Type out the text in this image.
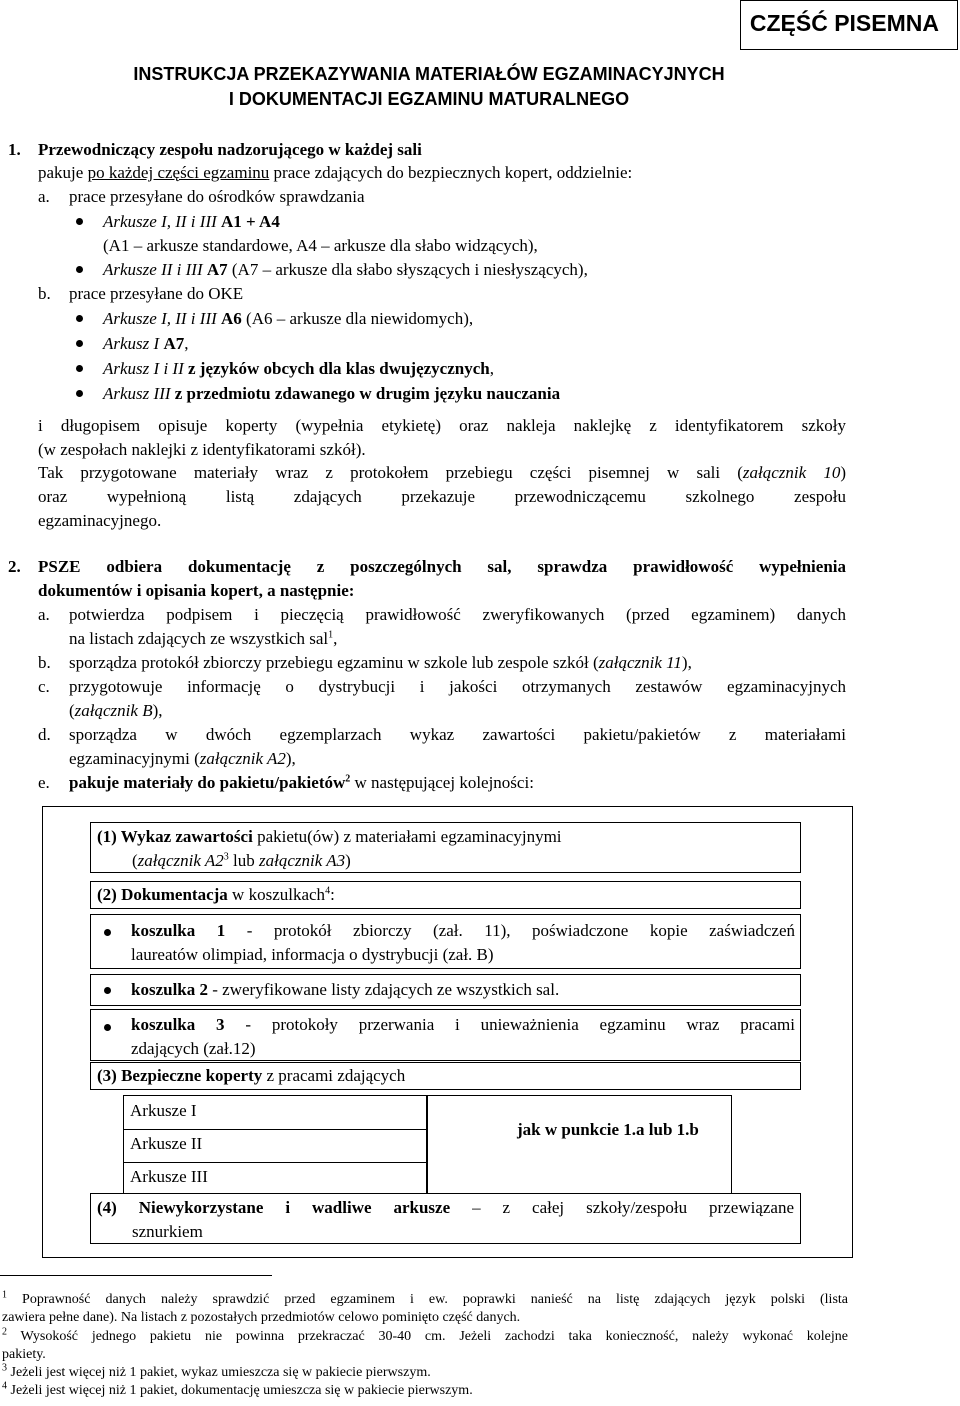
CZĘŚĆ PISEMNA
INSTRUKCJA PRZEKAZYWANIA MATERIAŁÓW EGZAMINACYJNYCH
I DOKUMENTACJI EGZAMINU MATURALNEGO
1. Przewodniczący zespołu nadzorującego w każdej sali
pakuje po każdej części egzaminu prace zdających do bezpiecznych kopert, oddzielnie:
a. prace przesyłane do ośrodków sprawdzania
Arkusze I, II i III A1 + A4
(A1 – arkusze standardowe, A4 – arkusze dla słabo widzących),
Arkusze II i III A7 (A7 – arkusze dla słabo słyszących i niesłyszących),
b. prace przesyłane do OKE
Arkusze I, II i III A6 (A6 – arkusze dla niewidomych),
Arkusz I A7,
Arkusz I i II z języków obcych dla klas dwujęzycznych,
Arkusz III z przedmiotu zdawanego w drugim języku nauczania
i długopisem opisuje koperty (wypełnia etykietę) oraz nakleja naklejkę z identyfikatorem szkoły
(w zespołach naklejki z identyfikatorami szkół).
Tak przygotowane materiały wraz z protokołem przebiegu części pisemnej w sali (załącznik 10)
oraz wypełnioną listą zdających przekazuje przewodniczącemu szkolnego zespołu
egzaminacyjnego.
2. PSZE odbiera dokumentację z poszczególnych sal, sprawdza prawidłowość wypełnienia
dokumentów i opisania kopert, a następnie:
a. potwierdza podpisem i pieczęcią prawidłowość zweryfikowanych (przed egzaminem) danych
na listach zdających ze wszystkich sal$^1$,
b. sporządza protokół zbiorczy przebiegu egzaminu w szkole lub zespole szkół (załącznik 11),
c. przygotowuje informację o dystrybucji i jakości otrzymanych zestawów egzaminacyjnych
(załącznik B),
d. sporządza w dwóch egzemplarzach wykaz zawartości pakietu/pakietów z materiałami
egzaminacyjnymi (załącznik A2),
e. pakuje materiały do pakietu/pakietów$^2$ w następującej kolejności:
(1) Wykaz zawartości pakietu(ów) z materiałami egzaminacyjnymi
(załącznik $A2^3$ lub załącznik A3)
(2) Dokumentacja w koszulkach$^4$:
koszulka 1 - protokół zbiorczy (zał. 11), poświadczone kopie zaświadczeń
laureatów olimpiad, informacja o dystrybucji (zał. B)
koszulka 2 - zweryfikowane listy zdających ze wszystkich sal.
koszulka 3 - protokoły przerwania i unieważnienia egzaminu wraz pracami
zdających (zał.12)
(3) Bezpieczne koperty z pracami zdających
Arkusze I
Arkusze II
Arkusze III
jak w punkcie 1.a lub 1.b
(4) Niewykorzystane i wadliwe arkusze – z całej szkoły/zespołu przewiązane
sznurkiem
$^1$ Poprawność danych należy sprawdzić przed egzaminem i ew. poprawki nanieść na listę zdających język polski (lista
zawiera pełne dane). Na listach z pozostałych przedmiotów celowo pominięto część danych.
$^2$ Wysokość jednego pakietu nie powinna przekraczać 30-40 cm. Jeżeli zachodzi taka konieczność, należy wykonać kolejne
pakiety.
$^3$ Jeżeli jest więcej niż 1 pakiet, wykaz umieszcza się w pakiecie pierwszym.
$^4$ Jeżeli jest więcej niż 1 pakiet, dokumentację umieszcza się w pakiecie pierwszym.
